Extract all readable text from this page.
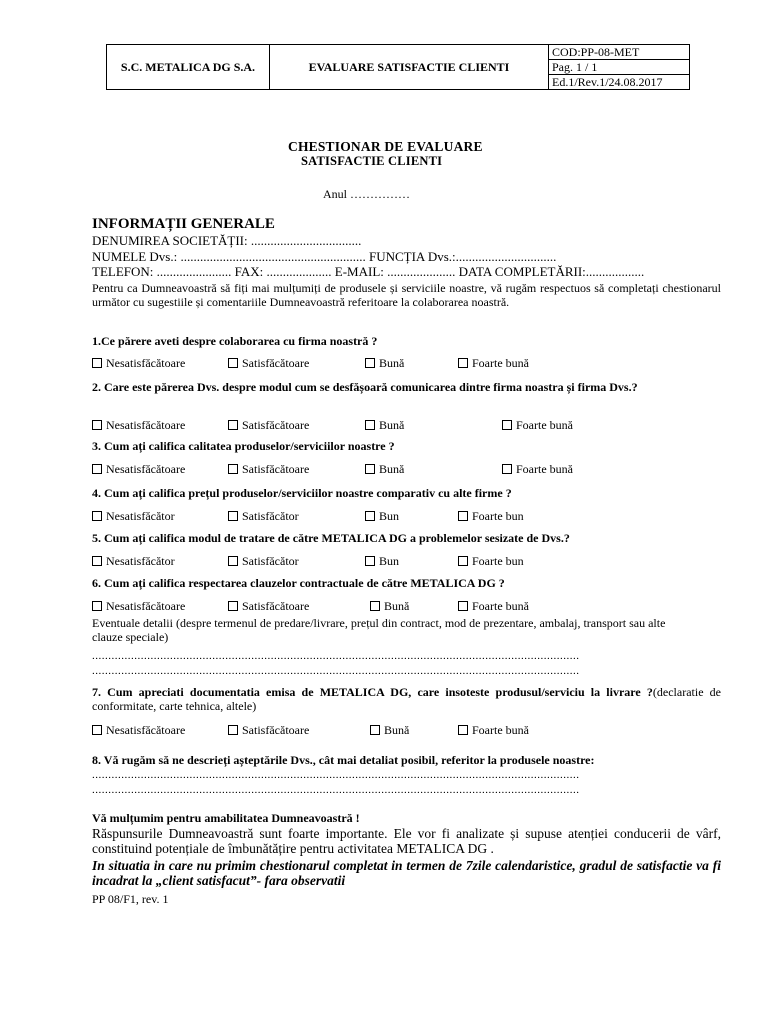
S.C. METALICA DG S.A.	EVALUARE SATISFACTIE CLIENTI	COD:PP-08-MET
Pag. 1 / 1
Ed.1/Rev.1/24.08.2017
CHESTIONAR DE EVALUARE
SATISFACTIE CLIENTI
Anul ……………
INFORMAȚII GENERALE
DENUMIREA SOCIETĂȚII: ..................................
NUMELE Dvs.: ......................................................... FUNCȚIA Dvs.:...............................
TELEFON: ....................... FAX: .................... E-MAIL: ..................... DATA COMPLETĂRII:..................
Pentru ca Dumneavoastră să fiți mai mulțumiți de produsele și serviciile noastre, vă rugăm respectuos să completați chestionarul următor cu sugestiile și comentariile Dumneavoastră referitoare la colaborarea noastră.
1.Ce părere aveti despre colaborarea cu firma noastră ?
Nesatisfăcătoare	Satisfăcătoare	Bună	Foarte bună
2. Care este părerea Dvs. despre modul cum se desfășoară comunicarea dintre firma noastra și firma Dvs.?
Nesatisfăcătoare	Satisfăcătoare	Bună	Foarte bună
3. Cum ați califica calitatea produselor/serviciilor noastre ?
Nesatisfăcătoare	Satisfăcătoare	Bună	Foarte bună
4. Cum ați califica prețul produselor/serviciilor noastre comparativ cu alte firme ?
Nesatisfăcător	Satisfăcător	Bun	Foarte bun
5. Cum ați califica modul de tratare de către METALICA DG a problemelor sesizate de Dvs.?
Nesatisfăcător	Satisfăcător	Bun	Foarte bun
6. Cum ați califica respectarea clauzelor contractuale de către METALICA DG ?
Nesatisfăcătoare	Satisfăcătoare	Bună	Foarte bună
Eventuale detalii (despre termenul de predare/livrare, prețul din contract, mod de prezentare, ambalaj, transport sau alte clauze speciale)
......................................................................................................................................................
......................................................................................................................................................
7. Cum apreciati documentatia emisa de METALICA DG, care insoteste produsul/serviciu la livrare ?(declaratie de conformitate, carte tehnica, altele)
Nesatisfăcătoare	Satisfăcătoare	Bună	Foarte bună
8. Vă rugăm să ne descrieți așteptările Dvs., cât mai detaliat posibil, referitor la produsele noastre:
......................................................................................................................................................
......................................................................................................................................................
Vă mulțumim pentru amabilitatea Dumneavoastră !
Răspunsurile Dumneavoastră sunt foarte importante. Ele vor fi analizate și supuse atenției conducerii de vârf, constituind potențiale de îmbunătățire pentru activitatea METALICA DG .
In situatia in care nu primim chestionarul completat in termen de 7zile calendaristice, gradul de satisfactie va fi incadrat la „client satisfacut”- fara observatii
PP 08/F1, rev. 1
